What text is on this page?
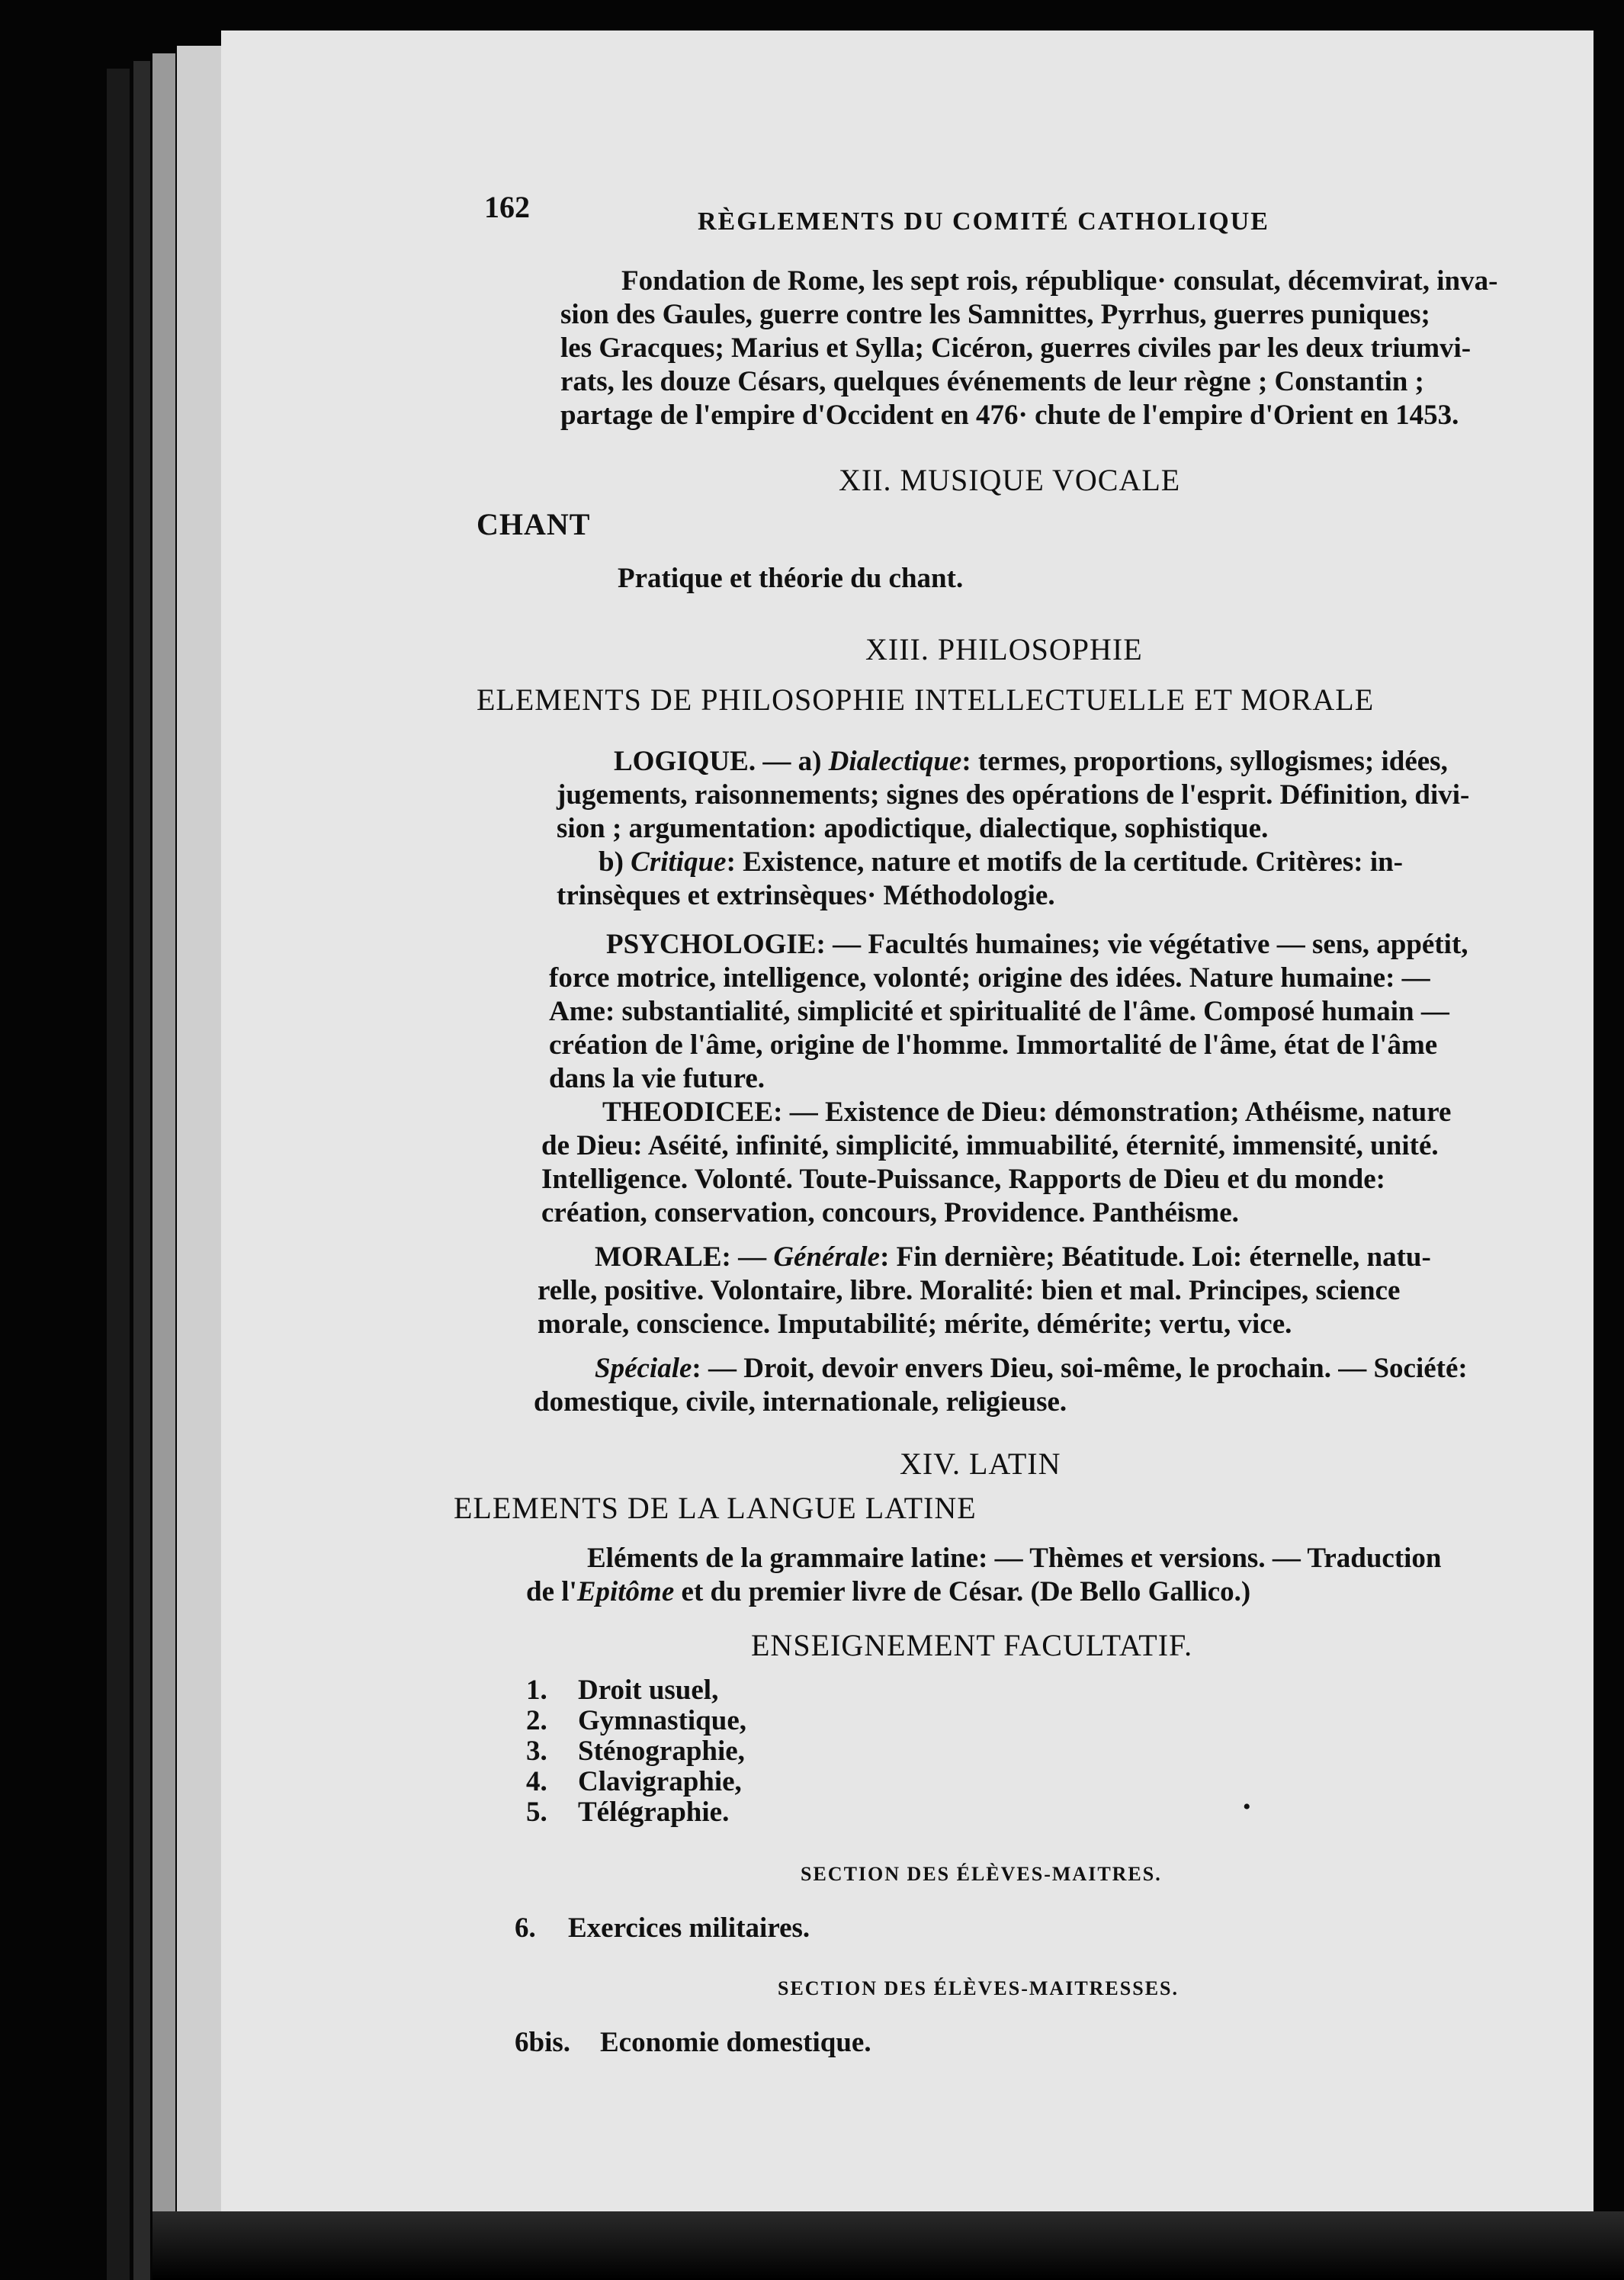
162	RÈGLEMENTS DU COMITÉ CATHOLIQUE
Fondation de Rome, les sept rois, république· consulat, décemvirat, inva-
sion des Gaules, guerre contre les Samnittes, Pyrrhus, guerres puniques;
les Gracques; Marius et Sylla; Cicéron, guerres civiles par les deux triumvi-
rats, les douze Césars, quelques événements de leur règne ; Constantin ;
partage de l'empire d'Occident en 476· chute de l'empire d'Orient en 1453.
XII. MUSIQUE VOCALE
CHANT
Pratique et théorie du chant.
XIII. PHILOSOPHIE
ELEMENTS DE PHILOSOPHIE INTELLECTUELLE ET MORALE
LOGIQUE. — a) Dialectique: termes, proportions, syllogismes; idées,
jugements, raisonnements; signes des opérations de l'esprit. Définition, divi-
sion ; argumentation: apodictique, dialectique, sophistique.
b) Critique: Existence, nature et motifs de la certitude. Critères: in-
trinsèques et extrinsèques· Méthodologie.
PSYCHOLOGIE: — Facultés humaines; vie végétative — sens, appétit,
force motrice, intelligence, volonté; origine des idées. Nature humaine: —
Ame: substantialité, simplicité et spiritualité de l'âme. Composé humain —
création de l'âme, origine de l'homme. Immortalité de l'âme, état de l'âme
dans la vie future.
THEODICEE: — Existence de Dieu: démonstration; Athéisme, nature
de Dieu: Aséité, infinité, simplicité, immuabilité, éternité, immensité, unité.
Intelligence. Volonté. Toute-Puissance, Rapports de Dieu et du monde:
création, conservation, concours, Providence. Panthéisme.
MORALE: — Générale: Fin dernière; Béatitude. Loi: éternelle, natu-
relle, positive. Volontaire, libre. Moralité: bien et mal. Principes, science
morale, conscience. Imputabilité; mérite, démérite; vertu, vice.
Spéciale: — Droit, devoir envers Dieu, soi-même, le prochain. — Société:
domestique, civile, internationale, religieuse.
XIV. LATIN
ELEMENTS DE LA LANGUE LATINE
Eléments de la grammaire latine: — Thèmes et versions. — Traduction
de l'Epitôme et du premier livre de César. (De Bello Gallico.)
ENSEIGNEMENT FACULTATIF.
1. Droit usuel,
2. Gymnastique,
3. Sténographie,
4. Clavigraphie,
5. Télégraphie.	•
SECTION DES ÉLÈVES-MAITRES.
6. Exercices militaires.
SECTION DES ÉLÈVES-MAITRESSES.
6bis. Economie domestique.
